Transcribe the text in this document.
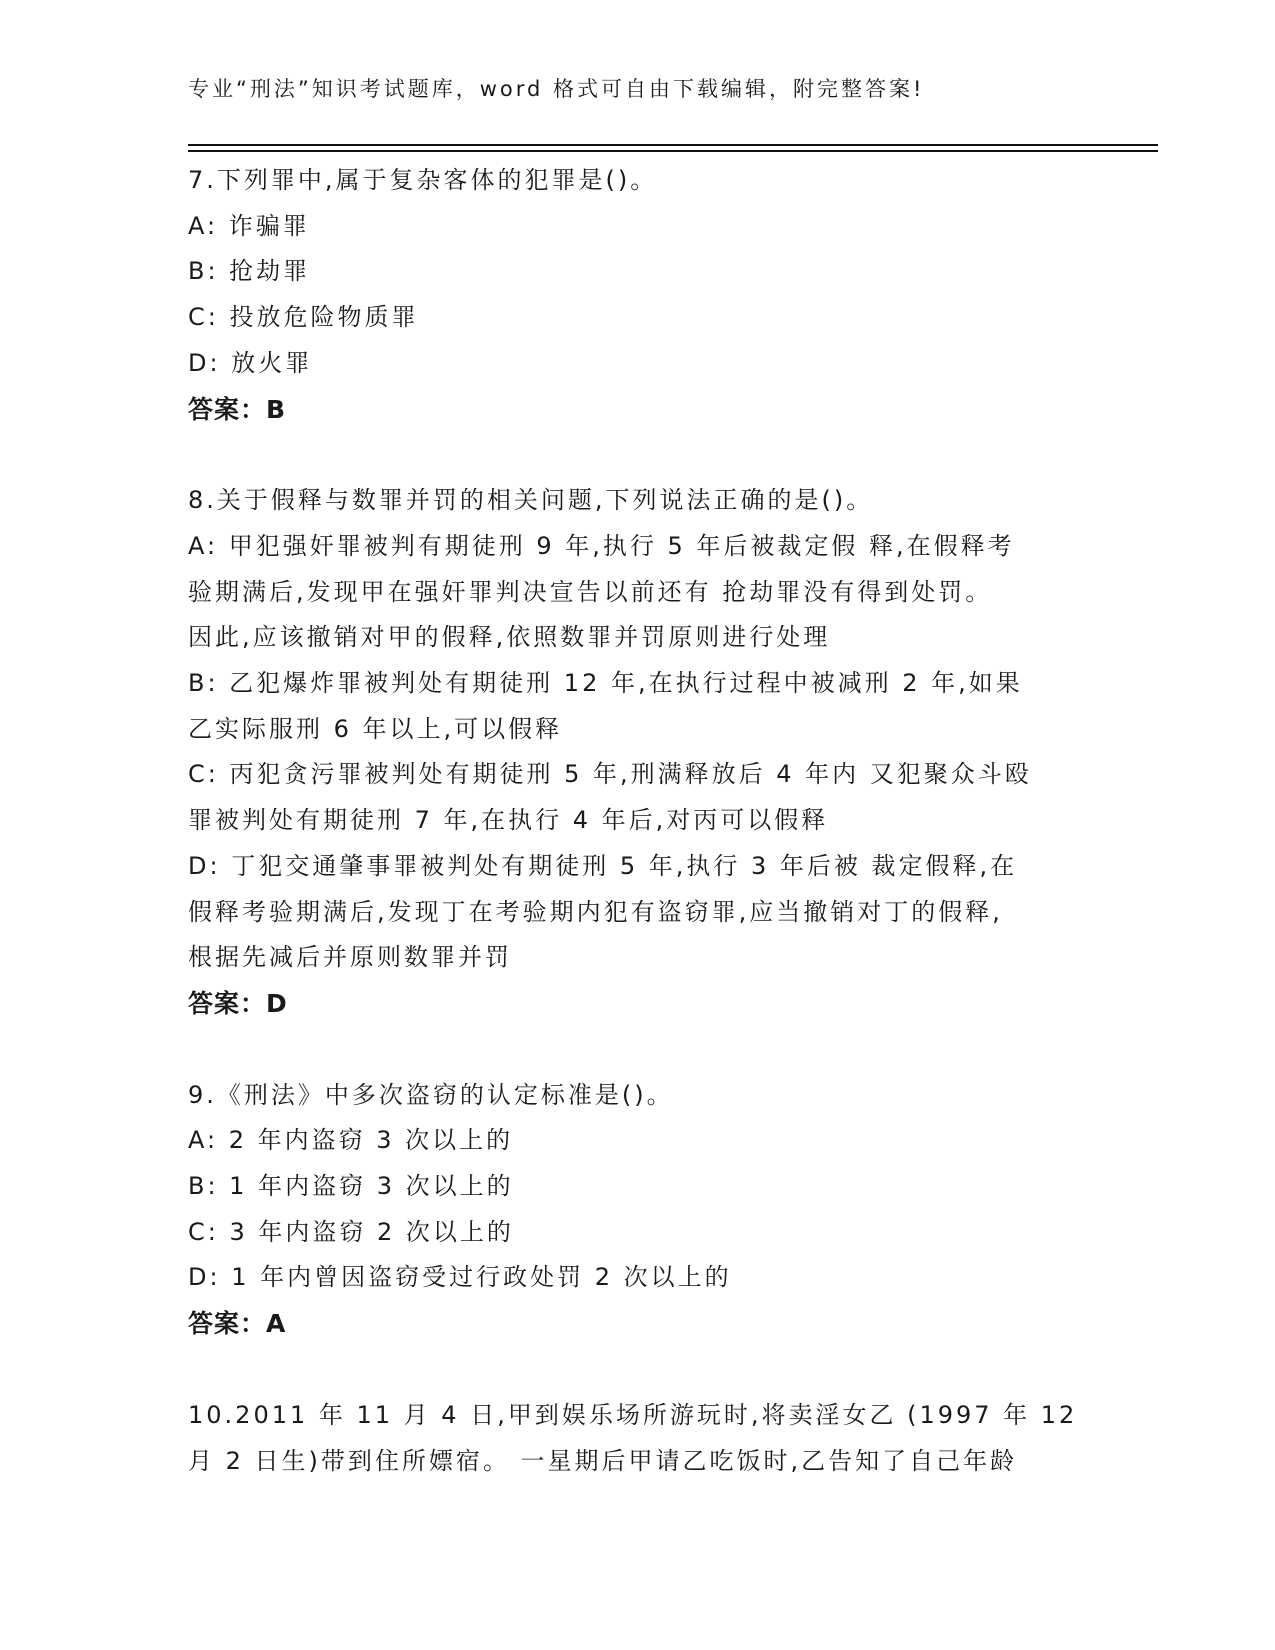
专业“刑法”知识考试题库，word 格式可自由下载编辑，附完整答案!
7.下列罪中,属于复杂客体的犯罪是()。
A: 诈骗罪
B: 抢劫罪
C: 投放危险物质罪
D: 放火罪
答案：B
8.关于假释与数罪并罚的相关问题,下列说法正确的是()。
A: 甲犯强奸罪被判有期徒刑 9 年,执行 5 年后被裁定假 释,在假释考
验期满后,发现甲在强奸罪判决宣告以前还有 抢劫罪没有得到处罚。
因此,应该撤销对甲的假释,依照数罪并罚原则进行处理
B: 乙犯爆炸罪被判处有期徒刑 12 年,在执行过程中被减刑 2 年,如果
乙实际服刑 6 年以上,可以假释
C: 丙犯贪污罪被判处有期徒刑 5 年,刑满释放后 4 年内 又犯聚众斗殴
罪被判处有期徒刑 7 年,在执行 4 年后,对丙可以假释
D: 丁犯交通肇事罪被判处有期徒刑 5 年,执行 3 年后被 裁定假释,在
假释考验期满后,发现丁在考验期内犯有盗窃罪,应当撤销对丁的假释,
根据先减后并原则数罪并罚
答案：D
9.《刑法》中多次盗窃的认定标准是()。
A: 2 年内盗窃 3 次以上的
B: 1 年内盗窃 3 次以上的
C: 3 年内盗窃 2 次以上的
D: 1 年内曾因盗窃受过行政处罚 2 次以上的
答案：A
10.2011 年 11 月 4 日,甲到娱乐场所游玩时,将卖淫女乙 (1997 年 12
月 2 日生)带到住所嫖宿。 一星期后甲请乙吃饭时,乙告知了自己年龄
